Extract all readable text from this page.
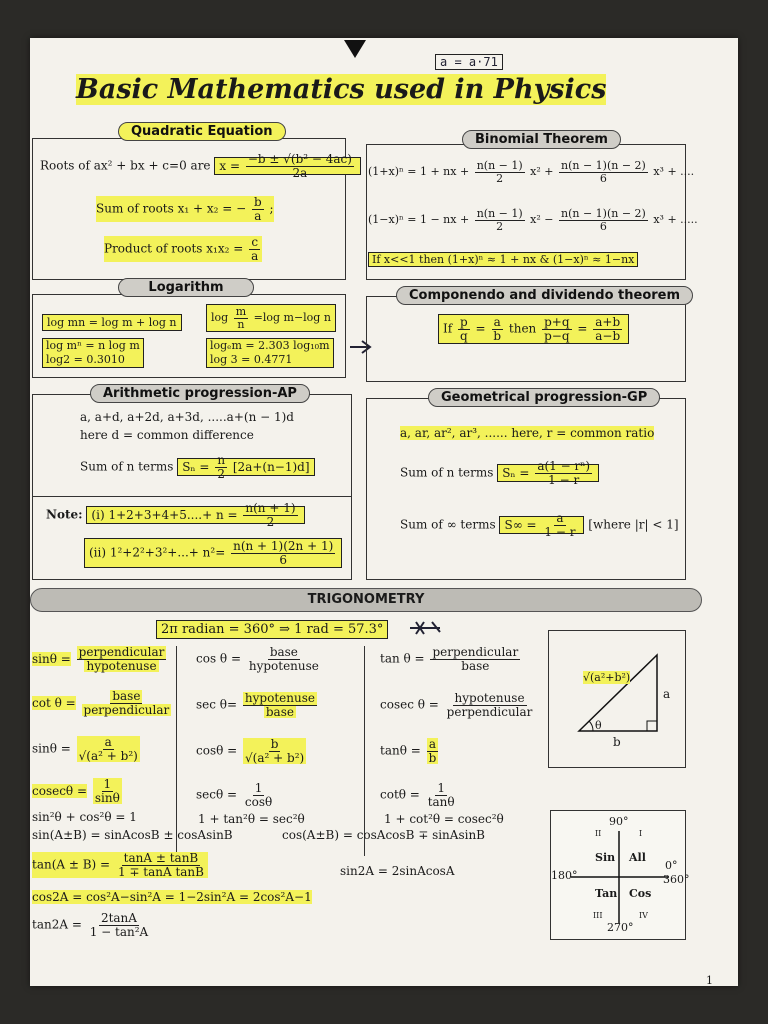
a = a·71
Basic Mathematics used in Physics
Quadratic Equation
Roots of ax² + bx + c=0 are $x = \frac{\text{−b ± √(b² − 4ac)}}{2a}$
Sum of roots x₁ + x₂ = − $\frac{b}{a}$ ;
Product of roots $x_1x_2 = \frac{c}{a}$
Binomial Theorem
(1+x)ⁿ = 1 + nx + $\frac{n(n - 1)}{2} x^2 + \frac{n(n - 1)(n - 2)}{6} x^3$ + ....
(1−x)ⁿ = 1 − nx + $\frac{n(n - 1)}{2} x^2 - \frac{n(n - 1)(n - 2)}{6} x^3$ + .....
If x<<1 then (1+x)ⁿ ≈ 1 + nx & (1−x)ⁿ ≈ 1−nx
Logarithm
log mn = log m + log n	$\log \frac{m}{n} =\log$ m−log n
log mⁿ = n log m
log2 = 0.3010
logₑm = 2.303 log₁₀m
log 3 = 0.4771
Componendo and dividendo theorem
If $\frac{p}{q} = \frac{a}{b}$ then $\frac{p+q}{p-q} = \frac{a+b}{a-b}$
Arithmetic progression-AP
a, a+d, a+2d, a+3d, .....a+(n − 1)d
here d = common difference
Sum of n terms $S_n = \frac{n}{2} [2a+(n-1)d]$
Note: (i) $1+2+3+4+5....+ n = \frac{n(n + 1)}{2}$
(ii) $1^2+2^2+3^2+...+ n^2= \frac{n(n + 1)(2n + 1)}{6}$
Geometrical progression-GP
a, ar, ar², ar³, ...... here, r = common ratio
Sum of n terms $S_n = \frac{\text{a(1 − rⁿ)}}{1 - r}$
Sum of ∞ terms $S\infty = \frac{a}{1 - r}$ [where |r| < 1]
TRIGONOMETRY
2π radian = 360° ⇒ 1 rad = 57.3°
$\sin\theta = \frac{\text{perpendicular}}{\text{hypotenuse}}$ $\cos \theta = \frac{\text{base}}{\text{hypotenuse}}$	$\tan \theta = \frac{\text{perpendicular}}{\text{base}}$
$\cot \theta = \frac{\text{base}}{\text{perpendicular}}$ $\sec \theta= \frac{\text{hypotenuse}}{\text{base}}$	cosec $\theta = \frac{\text{hypotenuse}}{\text{perpendicular}}$
$\sin\theta = \frac{a}{\text{√(a² + b²)}}$	$\cos\theta = \frac{b}{\text{√(a² + b²)}}$	$\tan\theta = \frac{a}{b}$
$cosec\theta = \frac{1}{\sin\theta}$	$\sec\theta = \frac{1}{\cos\theta}$	$\cot\theta = \frac{1}{\tan\theta}$
sin²θ + cos²θ = 1	1 + tan²θ = sec²θ	1 + cot²θ = cosec²θ
sin(A±B) = sinAcosB ± cosAsinB	cos(A±B) = cosAcosB ∓ sinAsinB
$\tan(A \pm B) = \frac{\tan A \pm \tan B}{\text{1 ∓ tanA tanB}}$	sin2A = 2sinAcosA
cos2A = cos²A−sin²A = 1−2sin²A = 2cos²A−1
$\tan 2A = \frac{2\tan A}{\text{1 − tan²A}}$
√(a²+b²)
a
b
θ
90°
270°
180°
0°
360°
II	I
III	IV
Sin All
Tan Cos
1
